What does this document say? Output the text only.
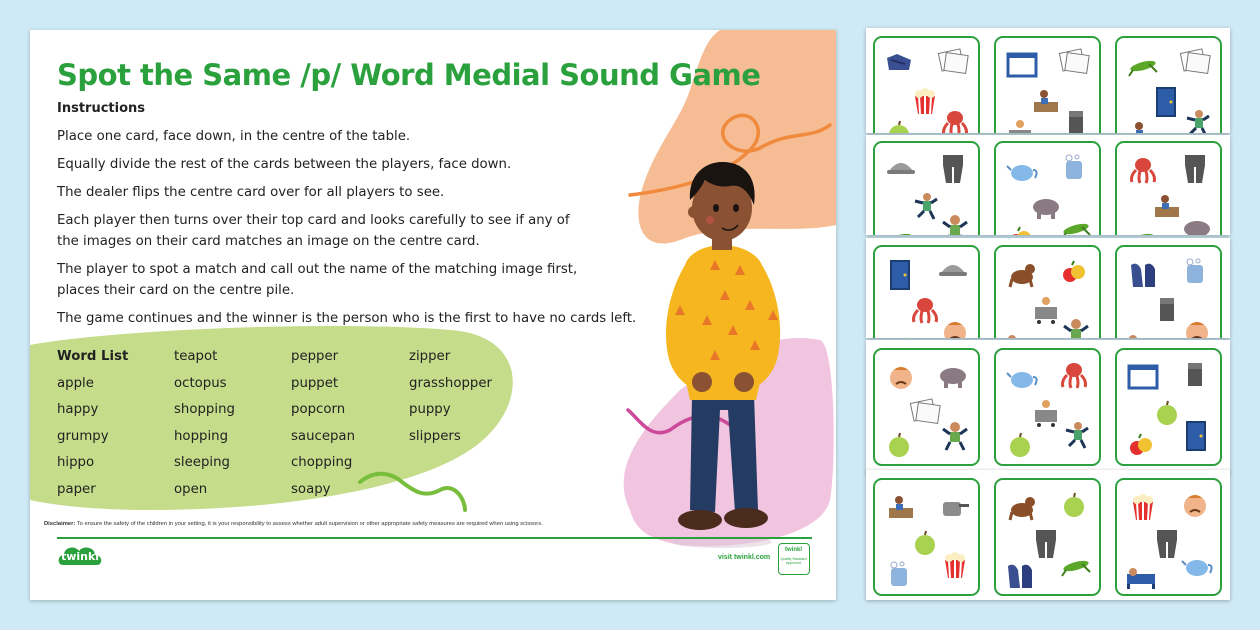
Spot the Same /p/ Word Medial Sound Game
Instructions

Place one card, face down, in the centre of the table.

Equally divide the rest of the cards between the players, face down.

The dealer flips the centre card over for all players to see.

Each player then turns over their top card and looks carefully to see if any of the images on their card matches an image on the centre card.

The player to spot a match and call out the name of the matching image first, places their card on the centre pile.

The game continues and the winner is the person who is the first to have no cards left.

Word List	teapot	pepper	zipper
apple	octopus	puppet	grasshopper
happy	shopping	popcorn	puppy
grumpy	hopping	saucepan	slippers
hippo	sleeping	chopping
paper	open	soapy
Disclaimer: To ensure the safety of the children in your setting, it is your responsibility to assess whether adult supervision or other appropriate safety measures are required when using scissors.
twinkl	visit twinkl.com
twinkl
Quality Standard Approved
